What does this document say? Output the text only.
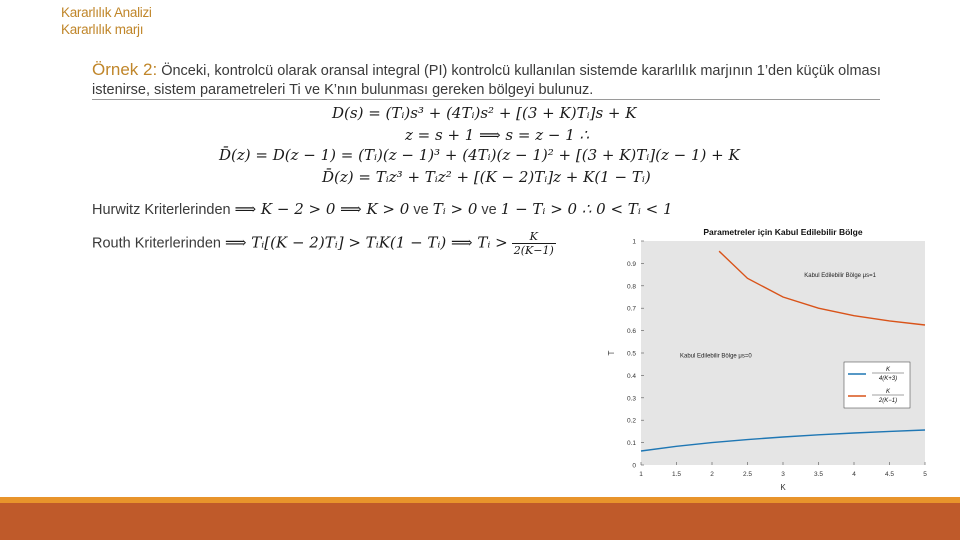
Kararlılık Analizi
Kararlılık marjı
Örnek 2: Önceki, kontrolcü olarak oransal integral (PI) kontrolcü kullanılan sistemde kararlılık marjının 1’den küçük olması istenirse, sistem parametreleri Ti ve K’nın bulunması gereken bölgeyi bulunuz.
D(s) = (Tᵢ)s³ + (4Tᵢ)s² + [(3 + K)Tᵢ]s + K
z = s + 1 ⟹ s = z − 1 ∴
D̄(z) = D(z − 1) = (Tᵢ)(z − 1)³ + (4Tᵢ)(z − 1)² + [(3 + K)Tᵢ](z − 1) + K
D̄(z) = Tᵢz³ + Tᵢz² + [(K − 2)Tᵢ]z + K(1 − Tᵢ)
Hurwitz Kriterlerinden ⟹ K − 2 > 0 ⟹ K > 0 ve Tᵢ > 0 ve 1 − Tᵢ > 0 ∴ 0 < Tᵢ < 1
Routh Kriterlerinden ⟹ Tᵢ[(K − 2)Tᵢ] > TᵢK(1 − Tᵢ) ⟹ Tᵢ > $\frac{K}{2(K-1)}$	Parametreler için Kabul Edilebilir Bölge
1	1.5	2	2.5	3	3.5	4	4.5	5
0
0.1
0.2
0.3
0.4
0.5
0.6
0.7
0.8
0.9
1
Kabul Edilebilir Bölge μs=1
Kabul Edilebilir Bölge μs=0
K
T
K
4(K+3)
K
2(K−1)
